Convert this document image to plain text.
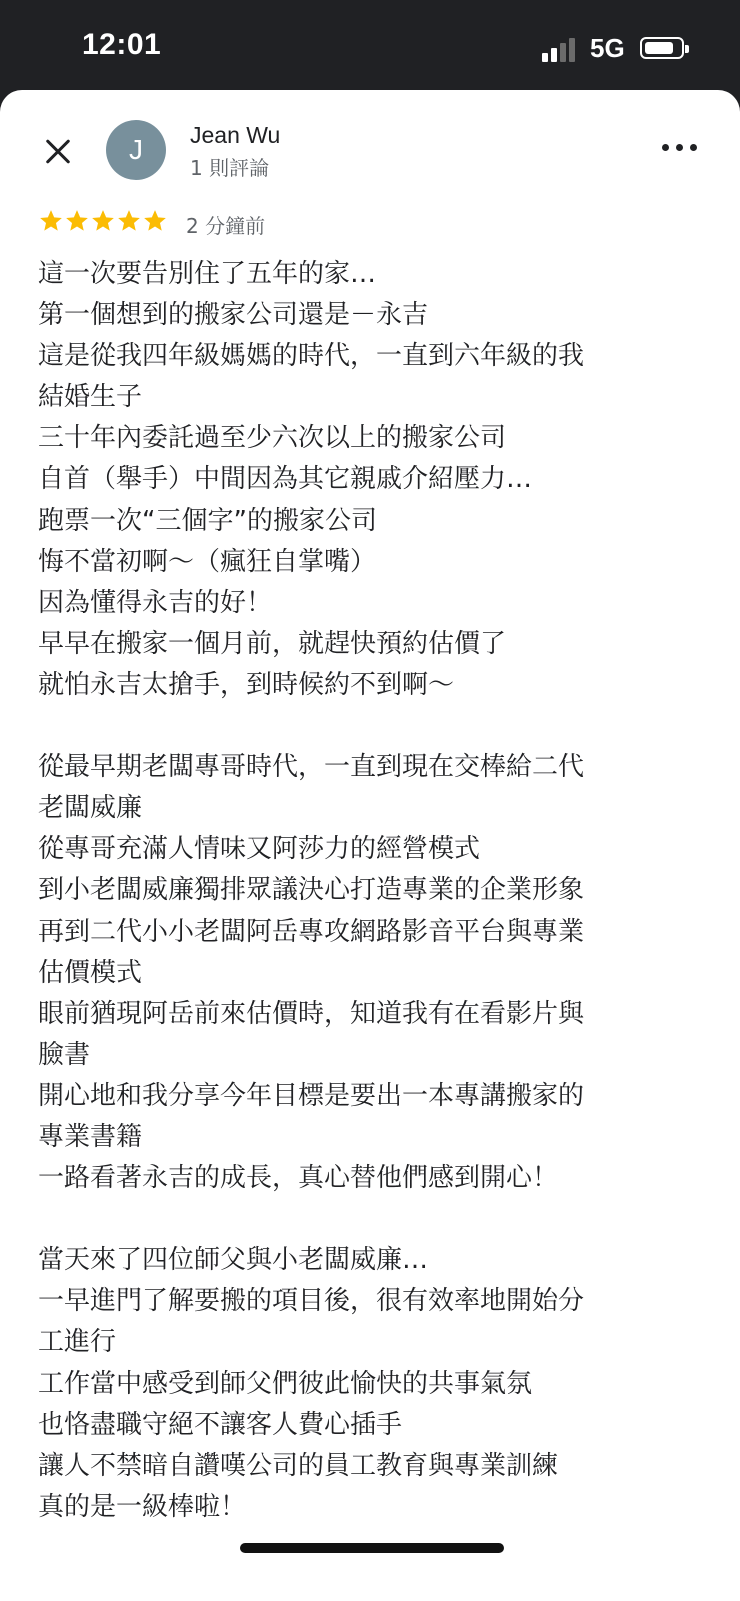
12:01	5G
J	Jean Wu
1 則評論
2 分鐘前
這一次要告別住了五年的家…
第一個想到的搬家公司還是－永吉
這是從我四年級媽媽的時代，一直到六年級的我
結婚生子
三十年內委託過至少六次以上的搬家公司
自首（舉手）中間因為其它親戚介紹壓力…
跑票一次“三個字”的搬家公司
悔不當初啊～（瘋狂自掌嘴）
因為懂得永吉的好！
早早在搬家一個月前，就趕快預約估價了
就怕永吉太搶手，到時候約不到啊～
從最早期老闆專哥時代，一直到現在交棒給二代
老闆威廉
從專哥充滿人情味又阿莎力的經營模式
到小老闆威廉獨排眾議決心打造專業的企業形象
再到二代小小老闆阿岳專攻網路影音平台與專業
估價模式
眼前猶現阿岳前來估價時，知道我有在看影片與
臉書
開心地和我分享今年目標是要出一本專講搬家的
專業書籍
一路看著永吉的成長，真心替他們感到開心！
當天來了四位師父與小老闆威廉…
一早進門了解要搬的項目後，很有效率地開始分
工進行
工作當中感受到師父們彼此愉快的共事氣氛
也恪盡職守絕不讓客人費心插手
讓人不禁暗自讚嘆公司的員工教育與專業訓練
真的是一級棒啦！
